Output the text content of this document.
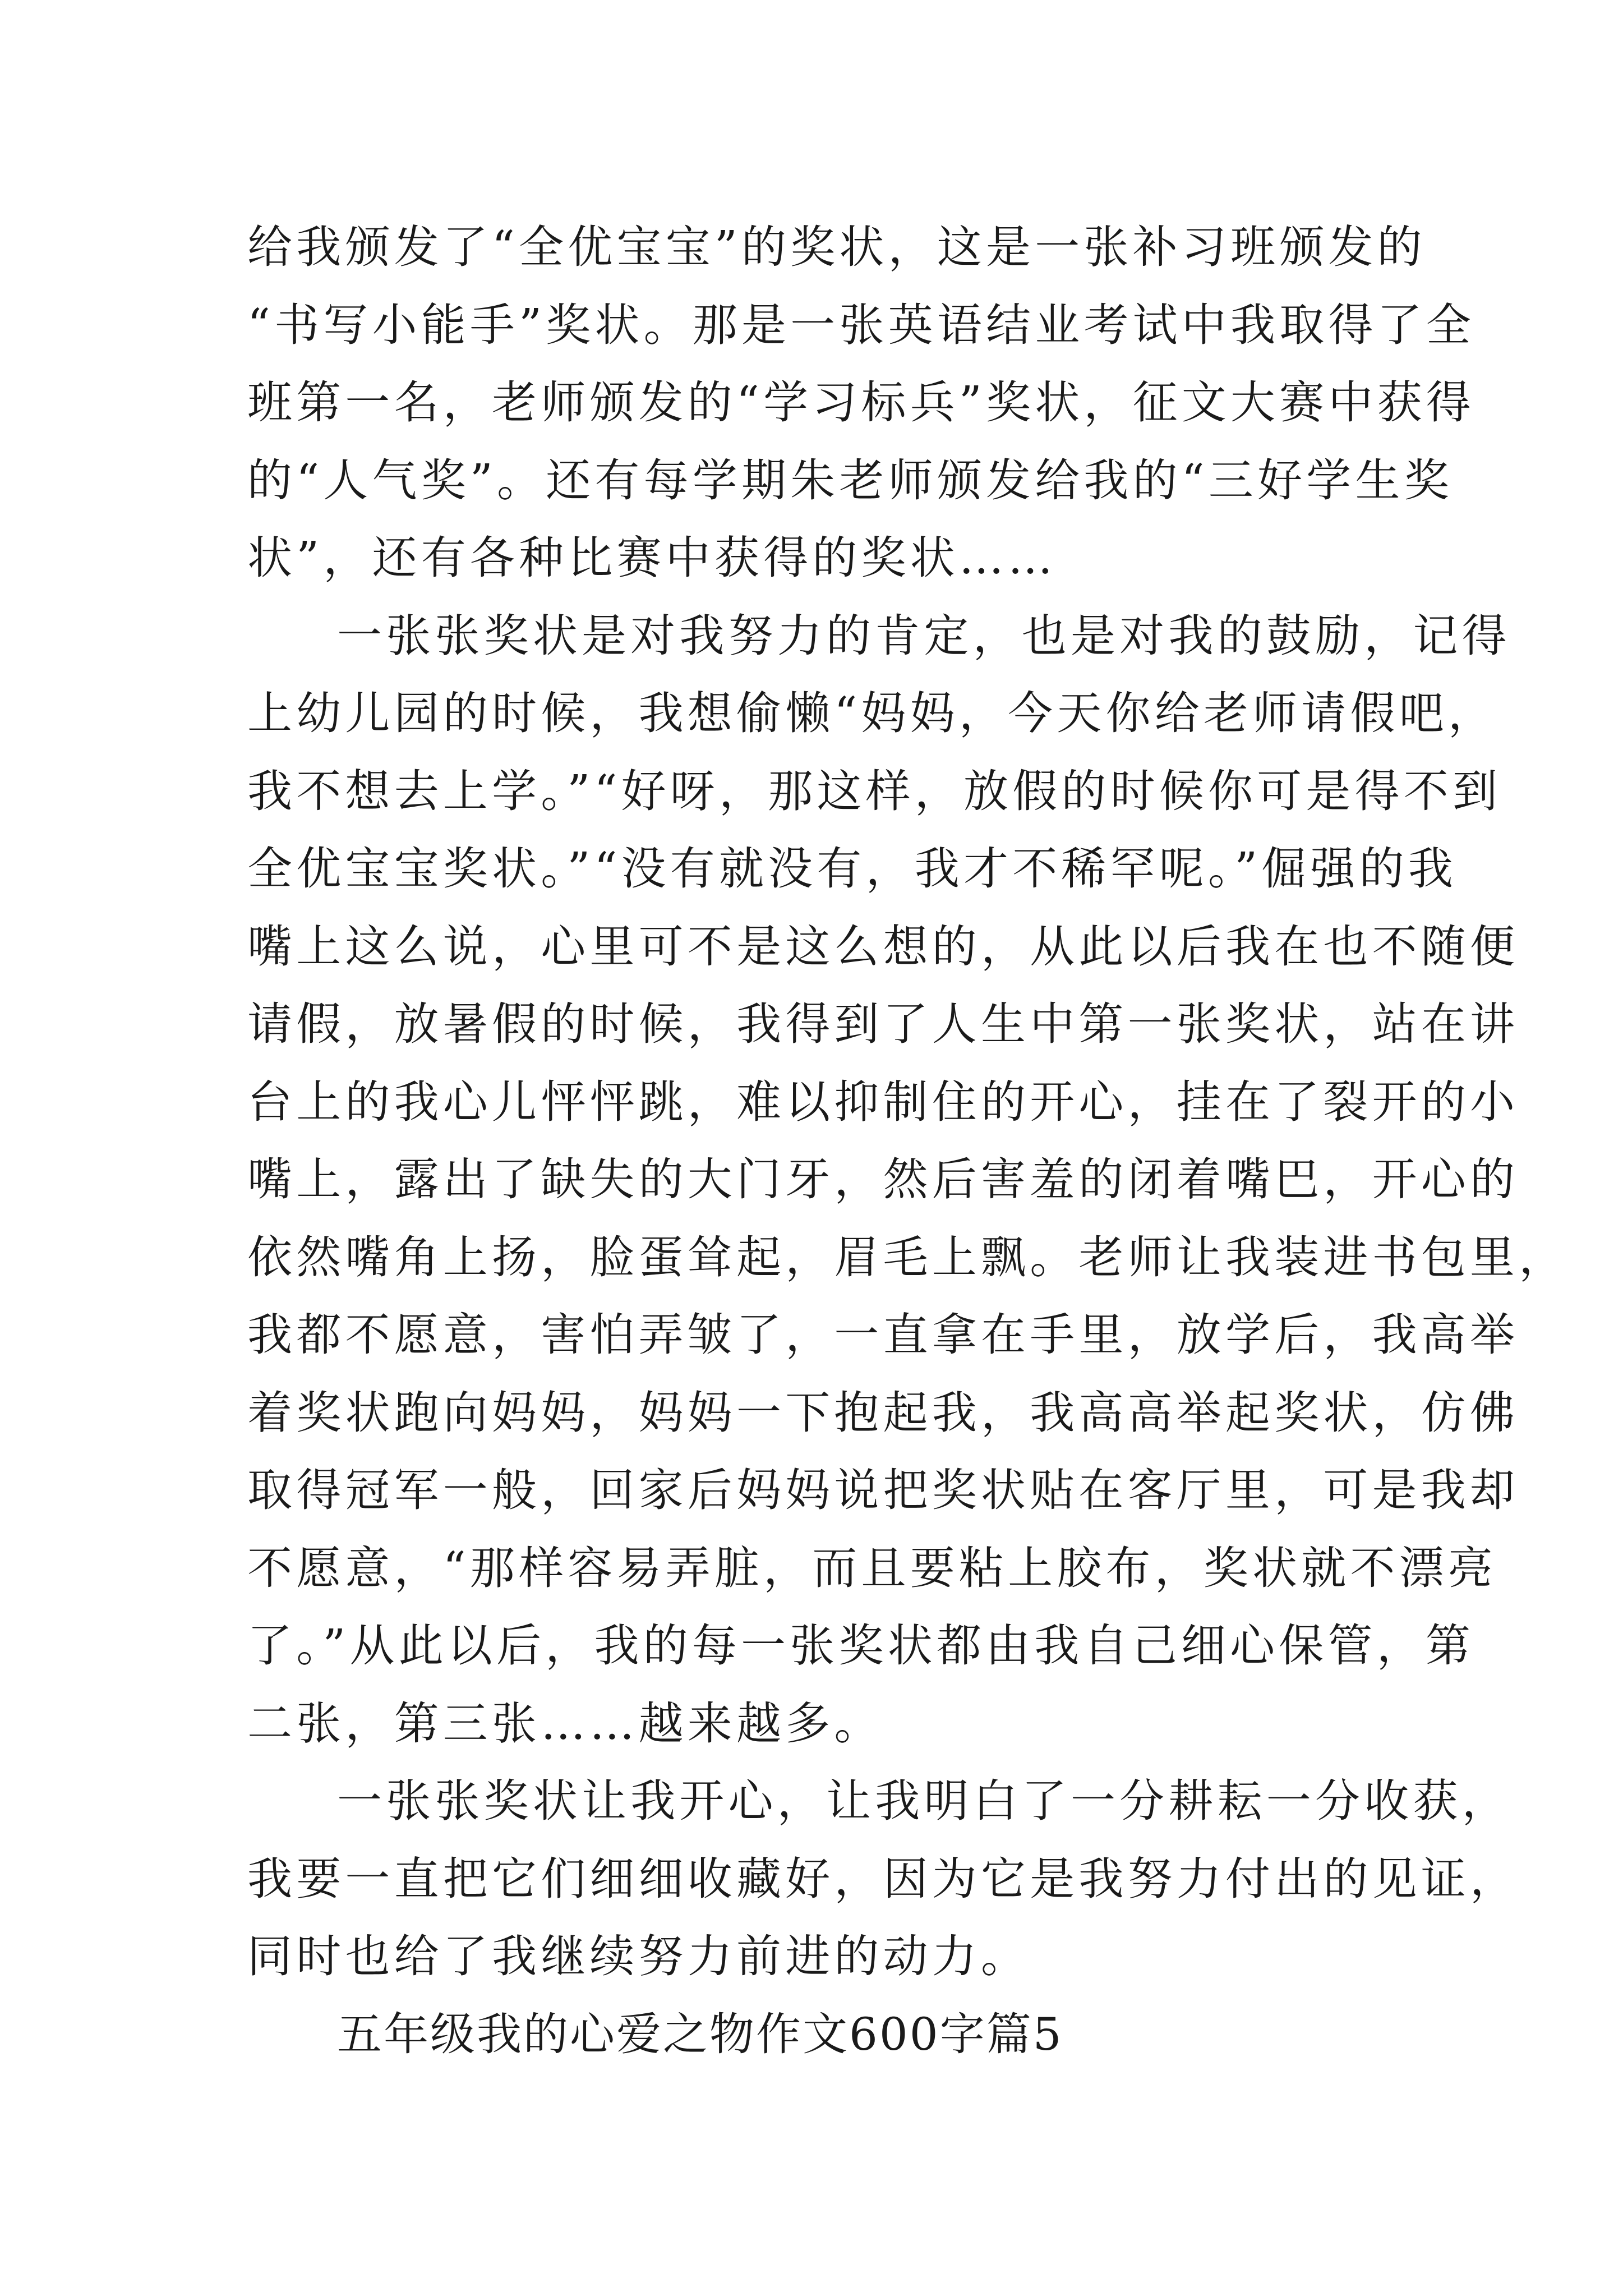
给我颁发了“全优宝宝”的奖状，这是一张补习班颁发的
“书写小能手”奖状。那是一张英语结业考试中我取得了全
班第一名，老师颁发的“学习标兵”奖状，征文大赛中获得
的“人气奖”。还有每学期朱老师颁发给我的“三好学生奖
状”，还有各种比赛中获得的奖状……
一张张奖状是对我努力的肯定，也是对我的鼓励，记得
上幼儿园的时候，我想偷懒“妈妈，今天你给老师请假吧，
我不想去上学。”“好呀，那这样，放假的时候你可是得不到
全优宝宝奖状。”“没有就没有，我才不稀罕呢。”倔强的我
嘴上这么说，心里可不是这么想的，从此以后我在也不随便
请假，放暑假的时候，我得到了人生中第一张奖状，站在讲
台上的我心儿怦怦跳，难以抑制住的开心，挂在了裂开的小
嘴上，露出了缺失的大门牙，然后害羞的闭着嘴巴，开心的
依然嘴角上扬，脸蛋耸起，眉毛上飘。老师让我装进书包里，
我都不愿意，害怕弄皱了，一直拿在手里，放学后，我高举
着奖状跑向妈妈，妈妈一下抱起我，我高高举起奖状，仿佛
取得冠军一般，回家后妈妈说把奖状贴在客厅里，可是我却
不愿意，“那样容易弄脏，而且要粘上胶布，奖状就不漂亮
了。”从此以后，我的每一张奖状都由我自己细心保管，第
二张，第三张……越来越多。
一张张奖状让我开心，让我明白了一分耕耘一分收获，
我要一直把它们细细收藏好，因为它是我努力付出的见证，
同时也给了我继续努力前进的动力。
五年级我的心爱之物作文600字篇5
